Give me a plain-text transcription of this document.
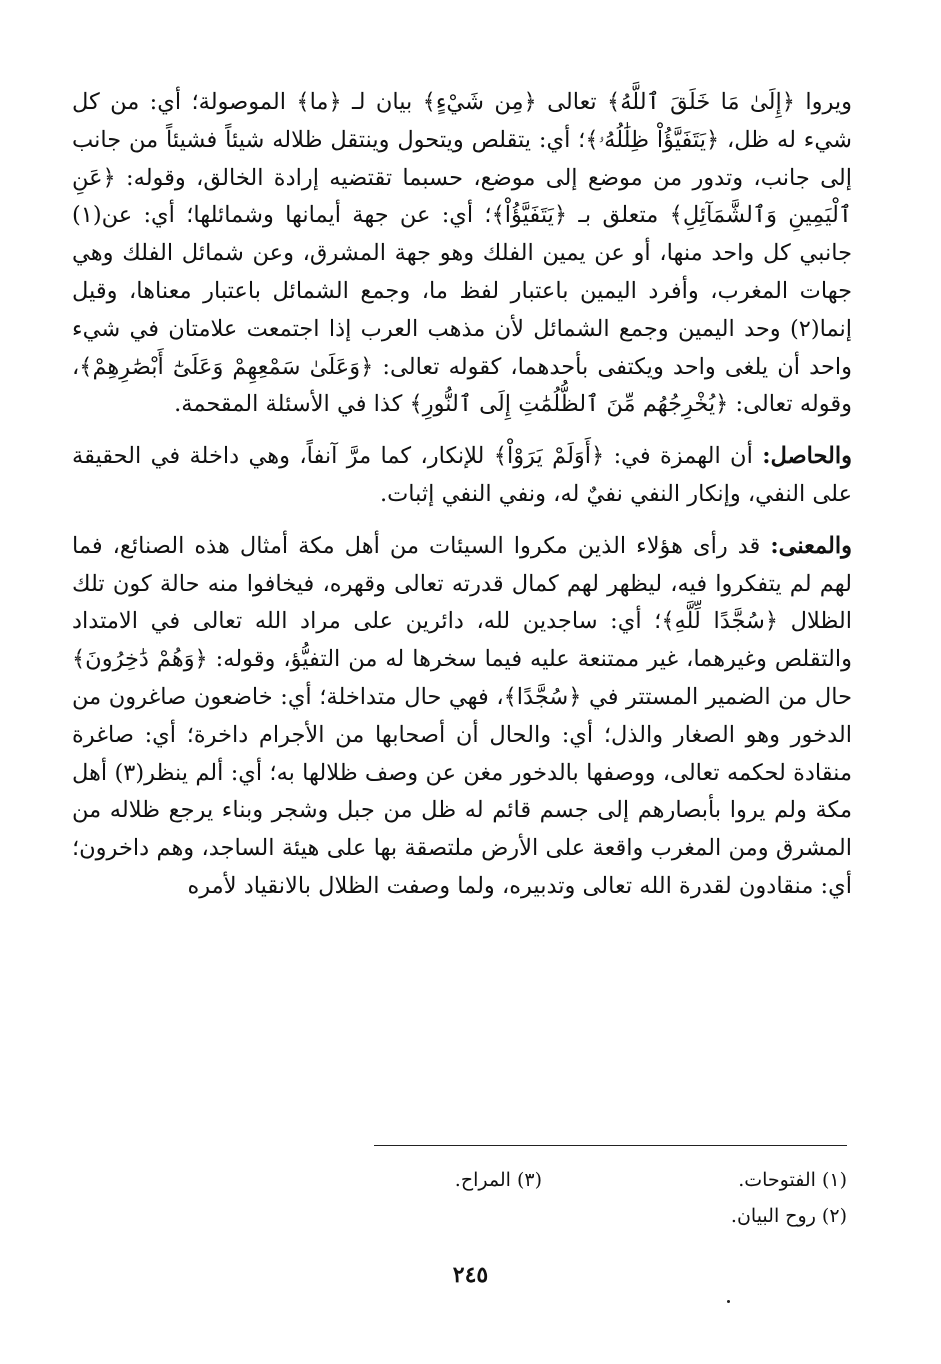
ويروا ﴿إِلَىٰ مَا خَلَقَ ٱللَّهُ﴾ تعالى ﴿مِن شَيْءٍ﴾ بيان لـ ﴿ما﴾ الموصولة؛ أي: من كل شيء له ظل، ﴿يَتَفَيَّؤُاْ ظِلَٰلُهُۥ﴾؛ أي: يتقلص ويتحول وينتقل ظلاله شيئاً فشيئاً من جانب إلى جانب، وتدور من موضع إلى موضع، حسبما تقتضيه إرادة الخالق، وقوله: ﴿عَنِ ٱلْيَمِينِ وَٱلشَّمَآئِلِ﴾ متعلق بـ ﴿يَتَفَيَّؤُاْ﴾؛ أي: عن جهة أيمانها وشمائلها؛ أي: عن(١) جانبي كل واحد منها، أو عن يمين الفلك وهو جهة المشرق، وعن شمائل الفلك وهي جهات المغرب، وأفرد اليمين باعتبار لفظ ما، وجمع الشمائل باعتبار معناها، وقيل إنما(٢) وحد اليمين وجمع الشمائل لأن مذهب العرب إذا اجتمعت علامتان في شيء واحد أن يلغى واحد ويكتفى بأحدهما، كقوله تعالى: ﴿وَعَلَىٰ سَمْعِهِمْ وَعَلَىٰٓ أَبْصَٰرِهِمْ﴾، وقوله تعالى: ﴿يُخْرِجُهُم مِّنَ ٱلظُّلُمَٰتِ إِلَى ٱلنُّورِ﴾ كذا في الأسئلة المقحمة.

والحاصل: أن الهمزة في: ﴿أَوَلَمْ يَرَوْاْ﴾ للإنكار، كما مرَّ آنفاً، وهي داخلة في الحقيقة على النفي، وإنكار النفي نفيٌ له، ونفي النفي إثبات.

والمعنى: قد رأى هؤلاء الذين مكروا السيئات من أهل مكة أمثال هذه الصنائع، فما لهم لم يتفكروا فيه، ليظهر لهم كمال قدرته تعالى وقهره، فيخافوا منه حالة كون تلك الظلال ﴿سُجَّدًا لِّلَّهِ﴾؛ أي: ساجدين لله، دائرين على مراد الله تعالى في الامتداد والتقلص وغيرهما، غير ممتنعة عليه فيما سخرها له من التفيُّؤ، وقوله: ﴿وَهُمْ دَٰخِرُونَ﴾ حال من الضمير المستتر في ﴿سُجَّدًا﴾، فهي حال متداخلة؛ أي: خاضعون صاغرون من الدخور وهو الصغار والذل؛ أي: والحال أن أصحابها من الأجرام داخرة؛ أي: صاغرة منقادة لحكمه تعالى، ووصفها بالدخور مغن عن وصف ظلالها به؛ أي: ألم ينظر(٣) أهل مكة ولم يروا بأبصارهم إلى جسم قائم له ظل من جبل وشجر وبناء يرجع ظلاله من المشرق ومن المغرب واقعة على الأرض ملتصقة بها على هيئة الساجد، وهم داخرون؛ أي: منقادون لقدرة الله تعالى وتدبيره، ولما وصفت الظلال بالانقياد لأمره

(١) الفتوحات.
(٣) المراح.
(٢) روح البيان.
٢٤٥
